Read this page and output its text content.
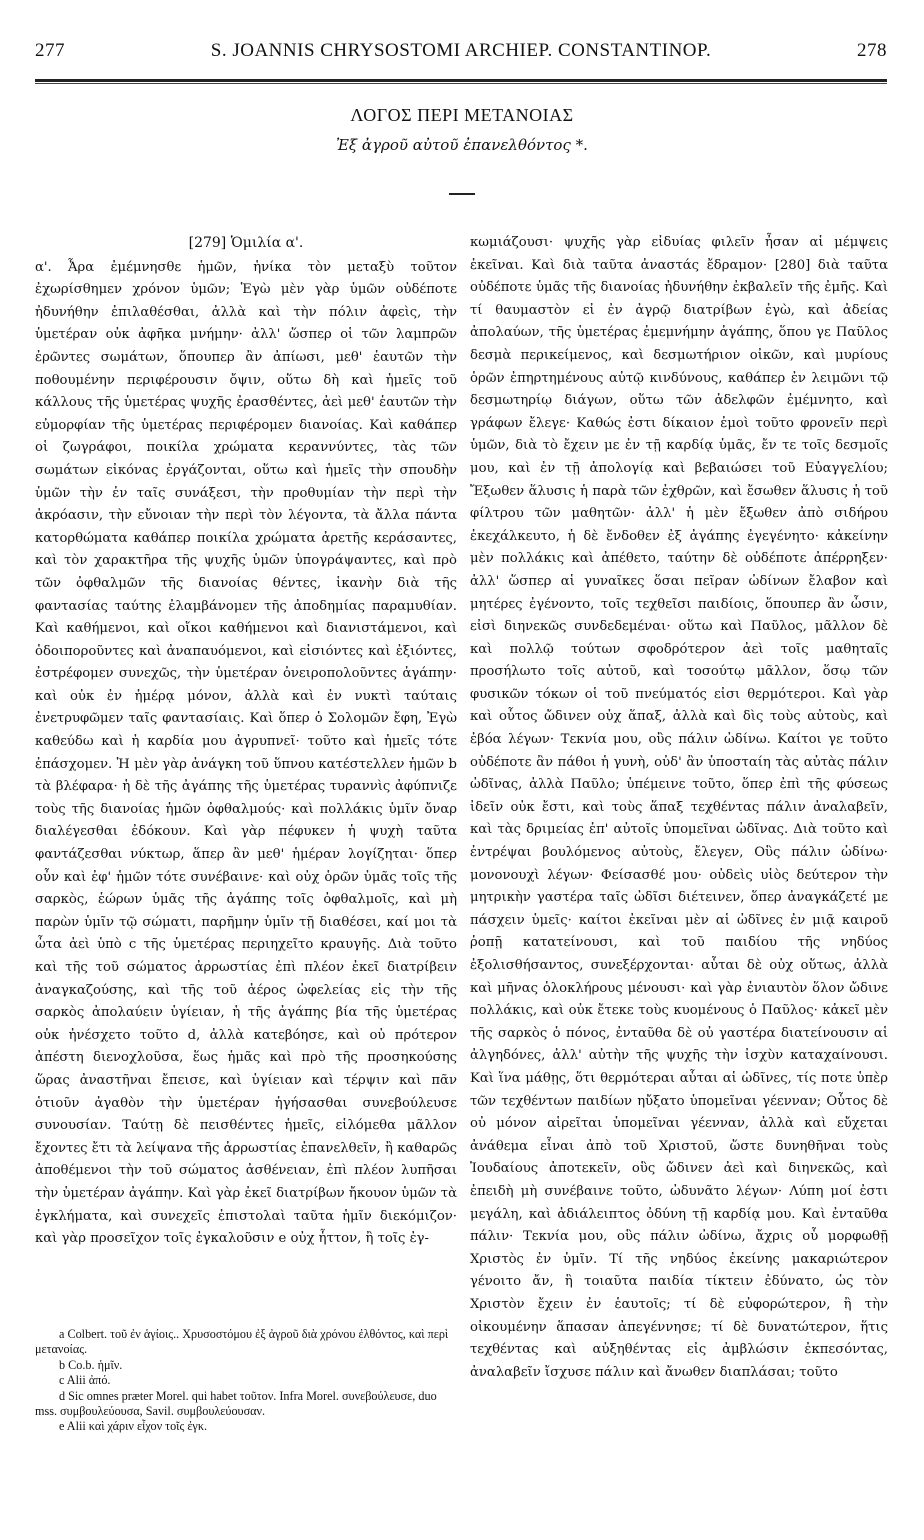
277	S. JOANNIS CHRYSOSTOMI ARCHIEP. CONSTANTINOP.	278
ΛΟΓΟΣ ΠΕΡΙ ΜΕΤΑΝΟΙΑΣ
Ἐξ ἀγροῦ αὐτοῦ ἐπανελθόντος *.
[279] Ὁμιλία α'.

α'. Ἆρα ἐμέμνησθε ἡμῶν, ἡνίκα τὸν μεταξὺ τοῦτον ἐχωρίσθημεν χρόνον ὑμῶν; Ἐγὼ μὲν γὰρ ὑμῶν οὐδέποτε ἠδυνήθην ἐπιλαθέσθαι, ἀλλὰ καὶ τὴν πόλιν ἀφεὶς, τὴν ὑμετέραν οὐκ ἀφῆκα μνήμην· ἀλλ' ὥσπερ οἱ τῶν λαμπρῶν ἐρῶντες σωμάτων, ὅπουπερ ἂν ἀπίωσι, μεθ' ἑαυτῶν τὴν ποθουμένην περιφέρουσιν ὄψιν, οὕτω δὴ καὶ ἡμεῖς τοῦ κάλλους τῆς ὑμετέρας ψυχῆς ἐρασθέντες, ἀεὶ μεθ' ἑαυτῶν τὴν εὐμορφίαν τῆς ὑμετέρας περιφέρομεν διανοίας. Καὶ καθάπερ οἱ ζωγράφοι, ποικίλα χρώματα κεραννύντες, τὰς τῶν σωμάτων εἰκόνας ἐργάζονται, οὕτω καὶ ἡμεῖς τὴν σπουδὴν ὑμῶν τὴν ἐν ταῖς συνάξεσι, τὴν προθυμίαν τὴν περὶ τὴν ἀκρόασιν, τὴν εὔνοιαν τὴν περὶ τὸν λέγοντα, τὰ ἄλλα πάντα κατορθώματα καθάπερ ποικίλα χρώματα ἀρετῆς κεράσαντες, καὶ τὸν χαρακτῆρα τῆς ψυχῆς ὑμῶν ὑπογράψαντες, καὶ πρὸ τῶν ὀφθαλμῶν τῆς διανοίας θέντες, ἱκανὴν διὰ τῆς φαντασίας ταύτης ἐλαμβάνομεν τῆς ἀποδημίας παραμυθίαν. Καὶ καθήμενοι, καὶ οἴκοι καθήμενοι καὶ διανιστάμενοι, καὶ ὁδοιποροῦντες καὶ ἀναπαυόμενοι, καὶ εἰσιόντες καὶ ἐξιόντες, ἐστρέφομεν συνεχῶς, τὴν ὑμετέραν ὀνειροπολοῦντες ἀγάπην· καὶ οὐκ ἐν ἡμέρᾳ μόνον, ἀλλὰ καὶ ἐν νυκτὶ ταύταις ἐνετρυφῶμεν ταῖς φαντασίαις. Καὶ ὅπερ ὁ Σολομῶν ἔφη, Ἐγὼ καθεύδω καὶ ἡ καρδία μου ἀγρυπνεῖ· τοῦτο καὶ ἡμεῖς τότε ἐπάσχομεν. Ἡ μὲν γὰρ ἀνάγκη τοῦ ὕπνου κατέστελλεν ἡμῶν b τὰ βλέφαρα· ἡ δὲ τῆς ἀγάπης τῆς ὑμετέρας τυραννὶς ἀφύπνιζε τοὺς τῆς διανοίας ἡμῶν ὀφθαλμούς· καὶ πολλάκις ὑμῖν ὄναρ διαλέγεσθαι ἐδόκουν. Καὶ γὰρ πέφυκεν ἡ ψυχὴ ταῦτα φαντάζεσθαι νύκτωρ, ἅπερ ἂν μεθ' ἡμέραν λογίζηται· ὅπερ οὖν καὶ ἐφ' ἡμῶν τότε συνέβαινε· καὶ οὐχ ὁρῶν ὑμᾶς τοῖς τῆς σαρκὸς, ἑώρων ὑμᾶς τῆς ἀγάπης τοῖς ὀφθαλμοῖς, καὶ μὴ παρὼν ὑμῖν τῷ σώματι, παρῆμην ὑμῖν τῇ διαθέσει, καί μοι τὰ ὦτα ἀεὶ ὑπὸ c τῆς ὑμετέρας περιηχεῖτο κραυγῆς. Διὰ τοῦτο καὶ τῆς τοῦ σώματος ἀρρωστίας ἐπὶ πλέον ἐκεῖ διατρίβειν ἀναγκαζούσης, καὶ τῆς τοῦ ἀέρος ὠφελείας εἰς τὴν τῆς σαρκὸς ἀπολαύειν ὑγίειαν, ἡ τῆς ἀγάπης βία τῆς ὑμετέρας οὐκ ἠνέσχετο τοῦτο d, ἀλλὰ κατεβόησε, καὶ οὐ πρότερον ἀπέστη διενοχλοῦσα, ἕως ἡμᾶς καὶ πρὸ τῆς προσηκούσης ὥρας ἀναστῆναι ἔπεισε, καὶ ὑγίειαν καὶ τέρψιν καὶ πᾶν ὁτιοῦν ἀγαθὸν τὴν ὑμετέραν ἡγήσασθαι συνεβούλευσε συνουσίαν. Ταύτῃ δὲ πεισθέντες ἡμεῖς, εἱλόμεθα μᾶλλον ἔχοντες ἔτι τὰ λείψανα τῆς ἀρρωστίας ἐπανελθεῖν, ἢ καθαρῶς ἀποθέμενοι τὴν τοῦ σώματος ἀσθένειαν, ἐπὶ πλέον λυπῆσαι τὴν ὑμετέραν ἀγάπην. Καὶ γὰρ ἐκεῖ διατρίβων ἤκουον ὑμῶν τὰ ἐγκλήματα, καὶ συνεχεῖς ἐπιστολαὶ ταῦτα ἡμῖν διεκόμιζον· καὶ γὰρ προσεῖχον τοῖς ἐγκαλοῦσιν e οὐχ ἧττον, ἢ τοῖς ἐγ-

a Colbert. τοῦ ἐν ἁγίοις.. Χρυσοστόμου ἐξ ἀγροῦ διὰ χρόνου ἐλθόντος, καὶ περὶ μετανοίας.
b Co.b. ἡμῖν.
c Alii ἀπό.
d Sic omnes præter Morel. qui habet τοῦτον. Infra Morel. συνεβούλευσε, duo mss. συμβουλεύουσα, Savil. συμβουλεύουσαν.
e Alii καὶ χάριν εἶχον τοῖς ἐγκ.

κωμιάζουσι· ψυχῆς γὰρ εἰδυίας φιλεῖν ἦσαν αἱ μέμψεις ἐκεῖναι. Καὶ διὰ ταῦτα ἀναστάς ἔδραμον· [280] διὰ ταῦτα οὐδέποτε ὑμᾶς τῆς διανοίας ἠδυνήθην ἐκβαλεῖν τῆς ἐμῆς. Καὶ τί θαυμαστὸν εἰ ἐν ἀγρῷ διατρίβων ἐγὼ, καὶ ἀδείας ἀπολαύων, τῆς ὑμετέρας ἐμεμνήμην ἀγάπης, ὅπου γε Παῦλος δεσμὰ περικείμενος, καὶ δεσμωτήριον οἰκῶν, καὶ μυρίους ὁρῶν ἐπηρτημένους αὐτῷ κινδύνους, καθάπερ ἐν λειμῶνι τῷ δεσμωτηρίῳ διάγων, οὕτω τῶν ἀδελφῶν ἐμέμνητο, καὶ γράφων ἔλεγε· Καθώς ἐστι δίκαιον ἐμοὶ τοῦτο φρονεῖν περὶ ὑμῶν, διὰ τὸ ἔχειν με ἐν τῇ καρδίᾳ ὑμᾶς, ἔν τε τοῖς δεσμοῖς μου, καὶ ἐν τῇ ἀπολογίᾳ καὶ βεβαιώσει τοῦ Εὐαγγελίου; Ἔξωθεν ἅλυσις ἡ παρὰ τῶν ἐχθρῶν, καὶ ἔσωθεν ἅλυσις ἡ τοῦ φίλτρου τῶν μαθητῶν· ἀλλ' ἡ μὲν ἔξωθεν ἀπὸ σιδήρου ἐκεχάλκευτο, ἡ δὲ ἔνδοθεν ἐξ ἀγάπης ἐγεγένητο· κἀκείνην μὲν πολλάκις καὶ ἀπέθετο, ταύτην δὲ οὐδέποτε ἀπέρρηξεν· ἀλλ' ὥσπερ αἱ γυναῖκες ὅσαι πεῖραν ὠδίνων ἔλαβον καὶ μητέρες ἐγένοντο, τοῖς τεχθεῖσι παιδίοις, ὅπουπερ ἂν ὦσιν, εἰσὶ διηνεκῶς συνδεδεμέναι· οὕτω καὶ Παῦλος, μᾶλλον δὲ καὶ πολλῷ τούτων σφοδρότερον ἀεὶ τοῖς μαθηταῖς προσήλωτο τοῖς αὐτοῦ, καὶ τοσούτῳ μᾶλλον, ὅσῳ τῶν φυσικῶν τόκων οἱ τοῦ πνεύματός εἰσι θερμότεροι. Καὶ γὰρ καὶ οὗτος ὤδινεν οὐχ ἅπαξ, ἀλλὰ καὶ δὶς τοὺς αὐτοὺς, καὶ ἐβόα λέγων· Τεκνία μου, οὓς πάλιν ὠδίνω. Καίτοι γε τοῦτο οὐδέποτε ἂν πάθοι ἡ γυνὴ, οὐδ' ἂν ὑποσταίη τὰς αὐτὰς πάλιν ὠδῖνας, ἀλλὰ Παῦλο; ὑπέμεινε τοῦτο, ὅπερ ἐπὶ τῆς φύσεως ἰδεῖν οὐκ ἔστι, καὶ τοὺς ἅπαξ τεχθέντας πάλιν ἀναλαβεῖν, καὶ τὰς δριμείας ἐπ' αὐτοῖς ὑπομεῖναι ὠδῖνας. Διὰ τοῦτο καὶ ἐντρέψαι βουλόμενος αὐτοὺς, ἔλεγεν, Οὓς πάλιν ὠδίνω· μονονουχὶ λέγων· Φείσασθέ μου· οὐδεὶς υἱὸς δεύτερον τὴν μητρικὴν γαστέρα ταῖς ὠδῖσι διέτεινεν, ὅπερ ἀναγκάζετέ με πάσχειν ὑμεῖς· καίτοι ἐκεῖναι μὲν αἱ ὠδῖνες ἐν μιᾷ καιροῦ ῥοπῇ κατατείνουσι, καὶ τοῦ παιδίου τῆς νηδύος ἐξολισθήσαντος, συνεξέρχονται· αὗται δὲ οὐχ οὕτως, ἀλλὰ καὶ μῆνας ὁλοκλήρους μένουσι· καὶ γὰρ ἐνιαυτὸν ὅλον ὤδινε πολλάκις, καὶ οὐκ ἔτεκε τοὺς κυομένους ὁ Παῦλος· κἀκεῖ μὲν τῆς σαρκὸς ὁ πόνος, ἐνταῦθα δὲ οὐ γαστέρα διατείνουσιν αἱ ἀλγηδόνες, ἀλλ' αὐτὴν τῆς ψυχῆς τὴν ἰσχὺν καταχαίνουσι. Καὶ ἵνα μάθῃς, ὅτι θερμότεραι αὗται αἱ ὠδῖνες, τίς ποτε ὑπὲρ τῶν τεχθέντων παιδίων ηὔξατο ὑπομεῖναι γέενναν; Οὗτος δὲ οὐ μόνον αἱρεῖται ὑπομεῖναι γέενναν, ἀλλὰ καὶ εὔχεται ἀνάθεμα εἶναι ἀπὸ τοῦ Χριστοῦ, ὥστε δυνηθῆναι τοὺς Ἰουδαίους ἀποτεκεῖν, οὓς ὤδινεν ἀεὶ καὶ διηνεκῶς, καὶ ἐπειδὴ μὴ συνέβαινε τοῦτο, ὠδυνᾶτο λέγων· Λύπη μοί ἐστι μεγάλη, καὶ ἀδιάλειπτος ὀδύνη τῇ καρδίᾳ μου. Καὶ ἐνταῦθα πάλιν· Τεκνία μου, οὓς πάλιν ὠδίνω, ἄχρις οὗ μορφωθῇ Χριστὸς ἐν ὑμῖν. Τί τῆς νηδύος ἐκείνης μακαριώτερον γένοιτο ἄν, ἣ τοιαῦτα παιδία τίκτειν ἐδύνατο, ὡς τὸν Χριστὸν ἔχειν ἐν ἑαυτοῖς; τί δὲ εὐφορώτερον, ἢ τὴν οἰκουμένην ἅπασαν ἀπεγέννησε; τί δὲ δυνατώτερον, ἥτις τεχθέντας καὶ αὐξηθέντας εἰς ἀμβλώσιν ἐκπεσόντας, ἀναλαβεῖν ἴσχυσε πάλιν καὶ ἄνωθεν διαπλάσαι; τοῦτο
